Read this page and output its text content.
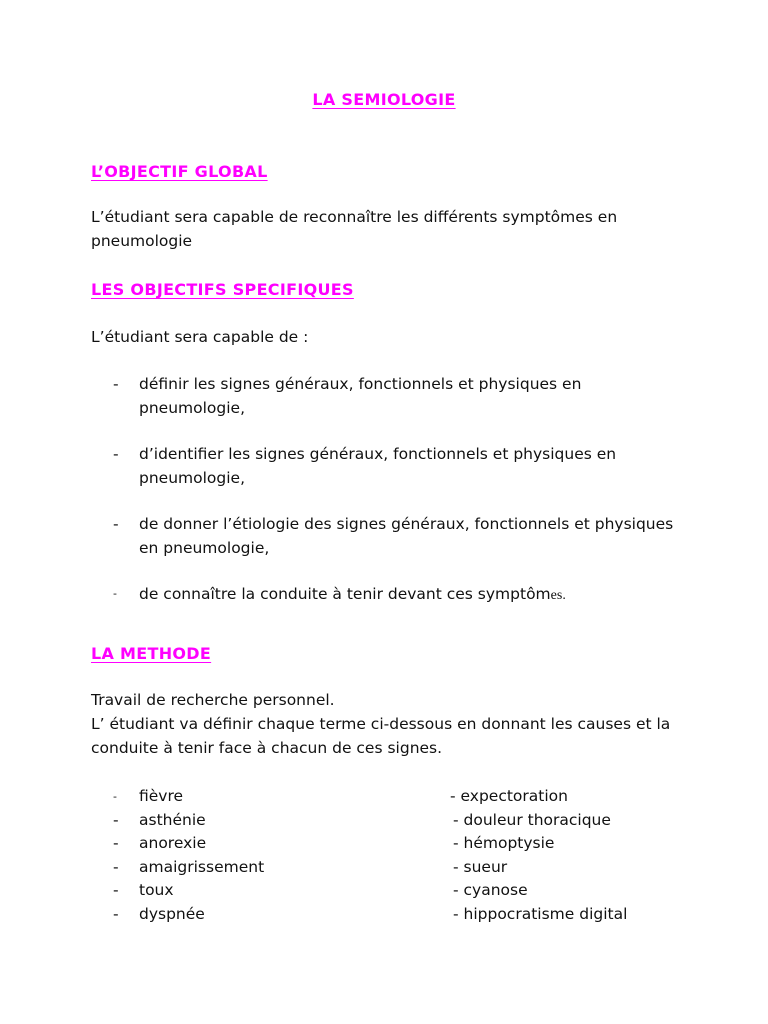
LA SEMIOLOGIE
L’OBJECTIF GLOBAL
L’étudiant sera capable de reconnaître les différents symptômes en pneumologie
LES OBJECTIFS SPECIFIQUES
L’étudiant sera capable de :
- définir les signes généraux, fonctionnels et physiques en pneumologie,
- d’identifier les signes généraux, fonctionnels et physiques en pneumologie,
- de donner l’étiologie des signes généraux, fonctionnels et physiques en pneumologie,
- de connaître la conduite à tenir devant ces symptômes.
LA METHODE
Travail de recherche personnel.
L’ étudiant va définir chaque terme ci-dessous en donnant les causes et la conduite à tenir face à chacun de ces signes.
- fièvre
- asthénie
- anorexie
- amaigrissement
- toux
- dyspnée
- expectoration
- douleur thoracique
- hémoptysie
- sueur
- cyanose
- hippocratisme digital
